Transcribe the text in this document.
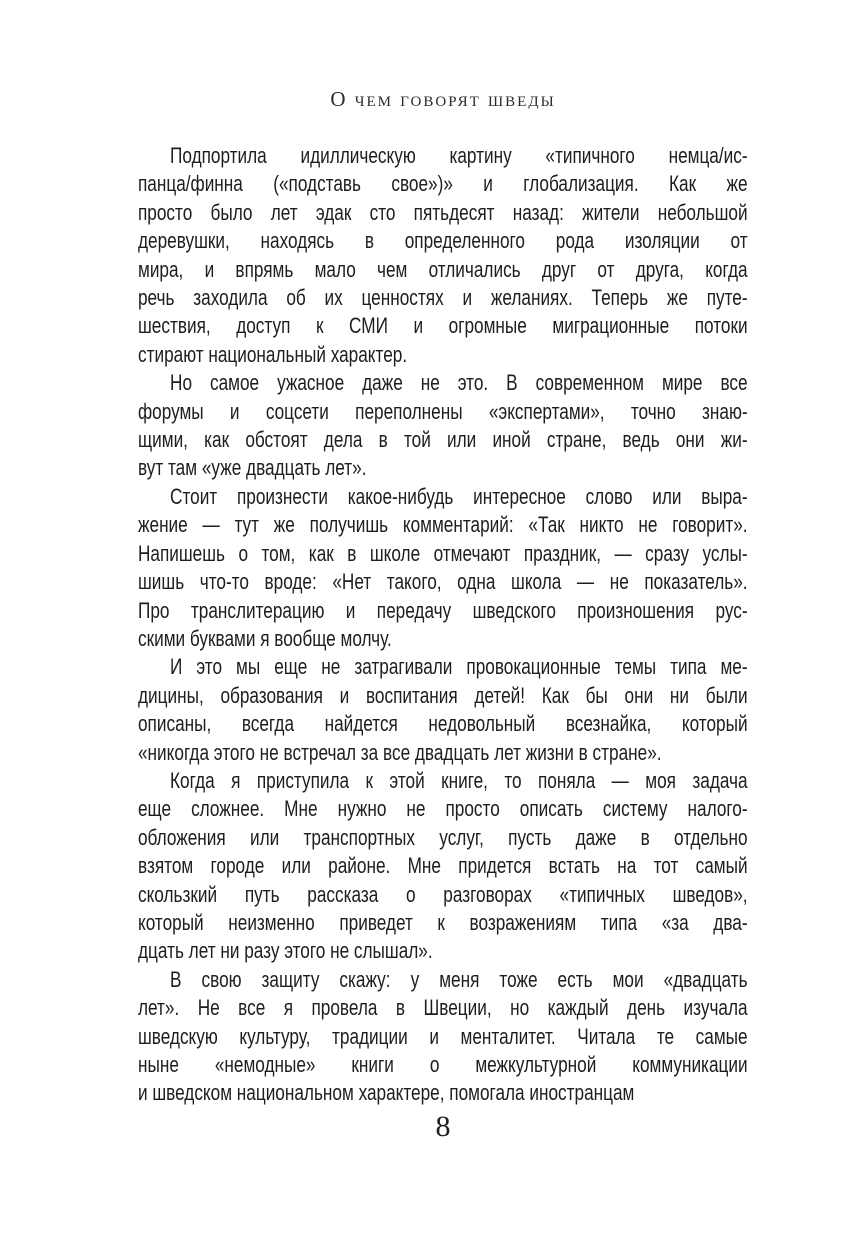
О чем говорят шведы
Подпортила идиллическую картину «типичного немца/ис-
панца/финна («подставь свое»)» и глобализация. Как же
просто было лет эдак сто пятьдесят назад: жители небольшой
деревушки, находясь в определенного рода изоляции от
мира, и впрямь мало чем отличались друг от друга, когда
речь заходила об их ценностях и желаниях. Теперь же путе-
шествия, доступ к СМИ и огромные миграционные потоки
стирают национальный характер.
Но самое ужасное даже не это. В современном мире все
форумы и соцсети переполнены «экспертами», точно знаю-
щими, как обстоят дела в той или иной стране, ведь они жи-
вут там «уже двадцать лет».
Стоит произнести какое-нибудь интересное слово или выра-
жение — тут же получишь комментарий: «Так никто не говорит».
Напишешь о том, как в школе отмечают праздник, — сразу услы-
шишь что-то вроде: «Нет такого, одна школа — не показатель».
Про транслитерацию и передачу шведского произношения рус-
скими буквами я вообще молчу.
И это мы еще не затрагивали провокационные темы типа ме-
дицины, образования и воспитания детей! Как бы они ни были
описаны, всегда найдется недовольный всезнайка, который
«никогда этого не встречал за все двадцать лет жизни в стране».
Когда я приступила к этой книге, то поняла — моя задача
еще сложнее. Мне нужно не просто описать систему налого-
обложения или транспортных услуг, пусть даже в отдельно
взятом городе или районе. Мне придется встать на тот самый
скользкий путь рассказа о разговорах «типичных шведов»,
который неизменно приведет к возражениям типа «за два-
дцать лет ни разу этого не слышал».
В свою защиту скажу: у меня тоже есть мои «двадцать
лет». Не все я провела в Швеции, но каждый день изучала
шведскую культуру, традиции и менталитет. Читала те самые
ныне «немодные» книги о межкультурной коммуникации
и шведском национальном характере, помогала иностранцам
8
